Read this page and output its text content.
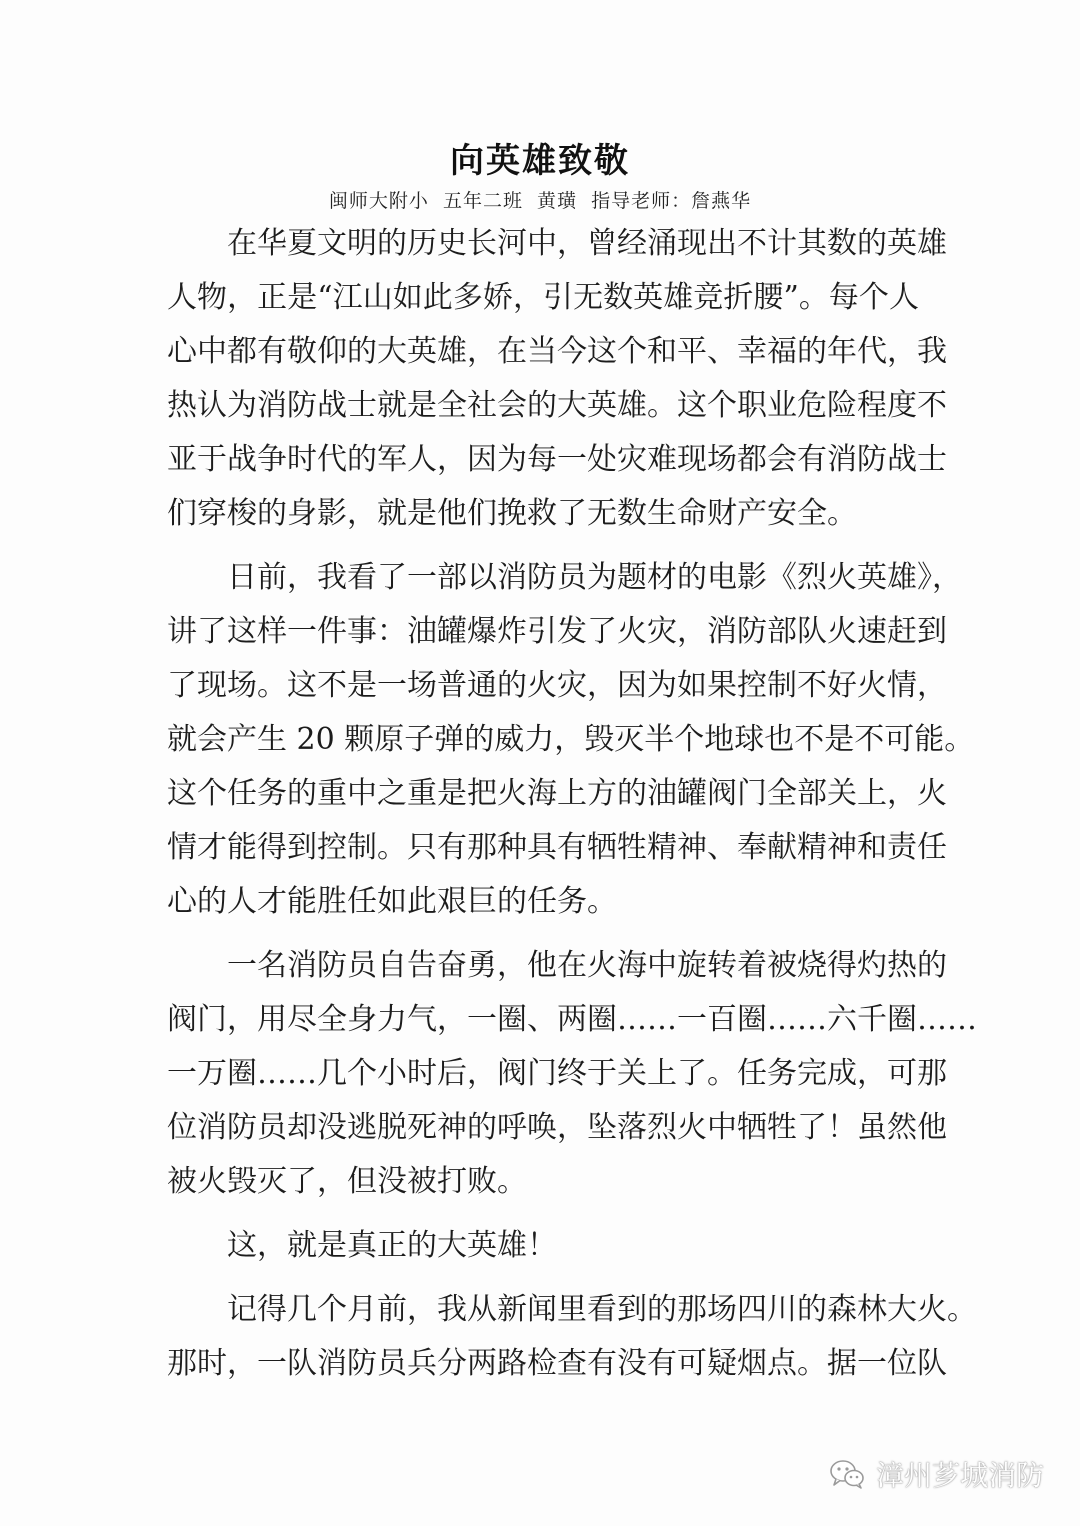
向英雄致敬
闽师大附小  五年二班  黄璜  指导老师：詹燕华
在华夏文明的历史长河中，曾经涌现出不计其数的英雄
人物，正是“江山如此多娇，引无数英雄竞折腰”。每个人
心中都有敬仰的大英雄，在当今这个和平、幸福的年代，我
热认为消防战士就是全社会的大英雄。这个职业危险程度不
亚于战争时代的军人，因为每一处灾难现场都会有消防战士
们穿梭的身影，就是他们挽救了无数生命财产安全。
日前，我看了一部以消防员为题材的电影《烈火英雄》，
讲了这样一件事：油罐爆炸引发了火灾，消防部队火速赶到
了现场。这不是一场普通的火灾，因为如果控制不好火情，
就会产生 20 颗原子弹的威力，毁灭半个地球也不是不可能。
这个任务的重中之重是把火海上方的油罐阀门全部关上，火
情才能得到控制。只有那种具有牺牲精神、奉献精神和责任
心的人才能胜任如此艰巨的任务。
一名消防员自告奋勇，他在火海中旋转着被烧得灼热的
阀门，用尽全身力气，一圈、两圈……一百圈……六千圈……
一万圈……几个小时后，阀门终于关上了。任务完成，可那
位消防员却没逃脱死神的呼唤，坠落烈火中牺牲了！虽然他
被火毁灭了，但没被打败。
这，就是真正的大英雄！
记得几个月前，我从新闻里看到的那场四川的森林大火。
那时，一队消防员兵分两路检查有没有可疑烟点。据一位队
漳州芗城消防
